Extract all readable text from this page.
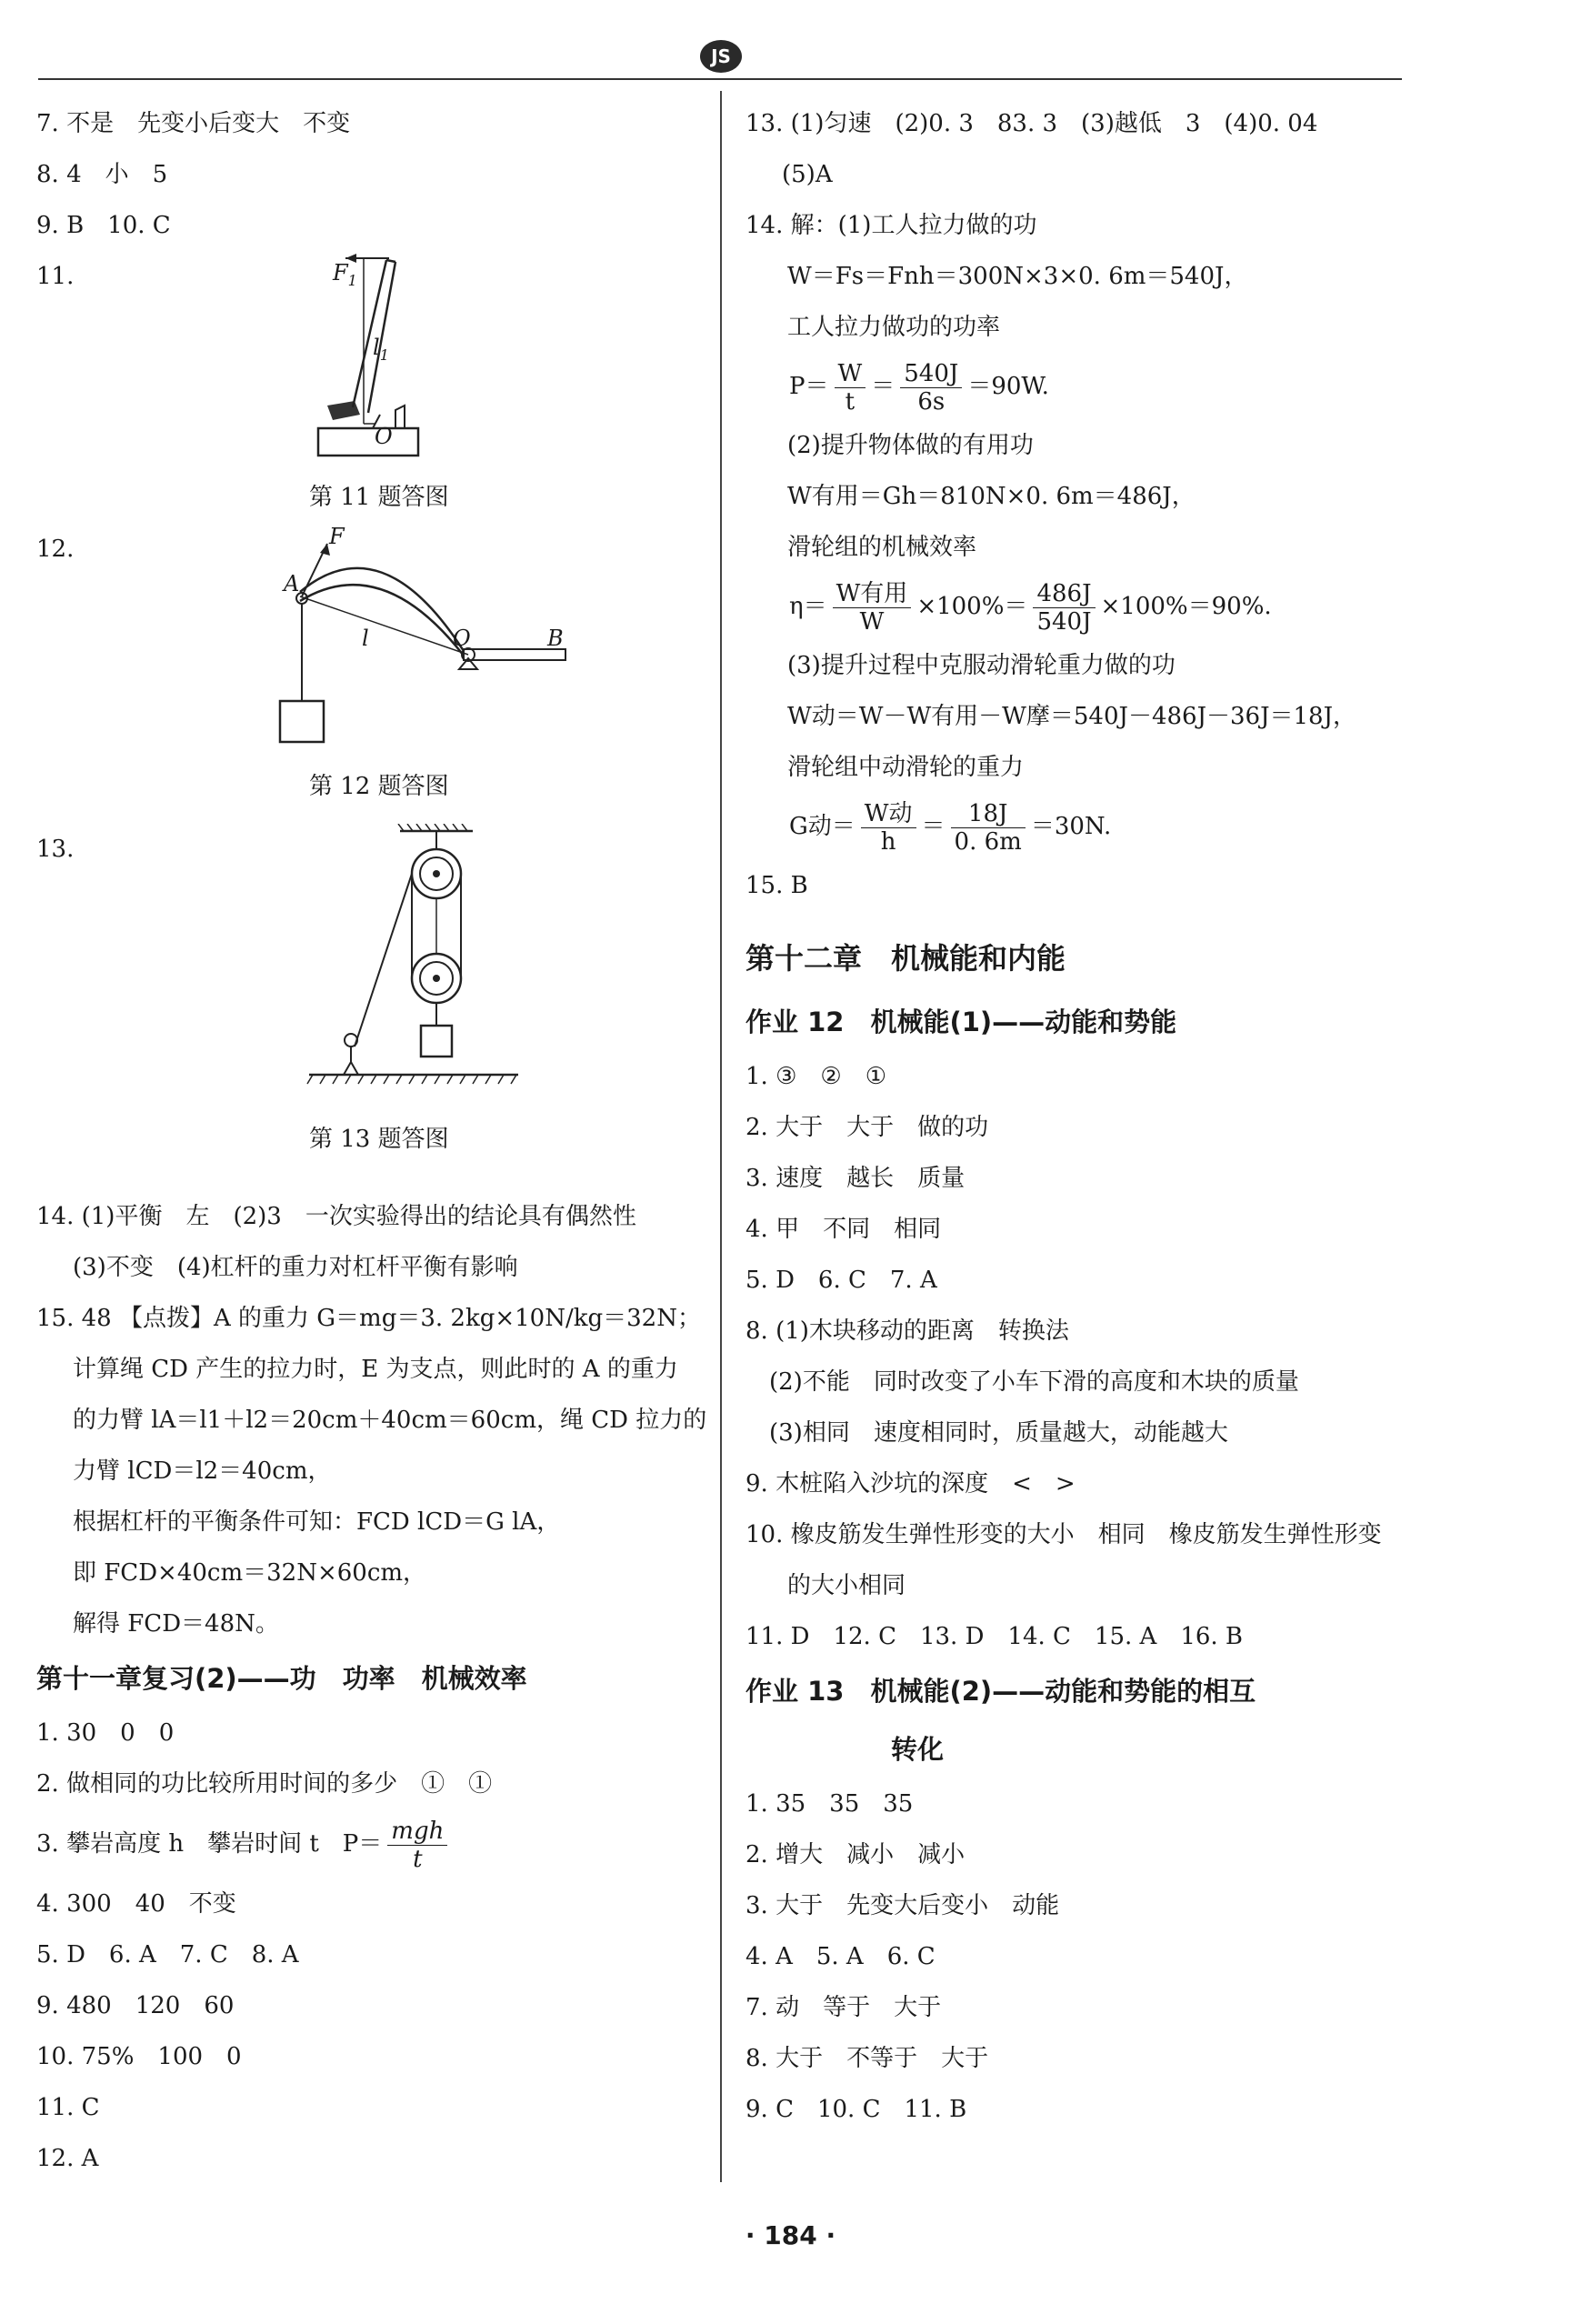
JS
7. 不是　先变小后变大　不变
8. 4　小　5
9. B　10. C
11.	$F_1$
$l_1$
O
第 11 题答图
12.	F
A
l	O	B
第 12 题答图
13.
第 13 题答图
14. (1)平衡　左　(2)3　一次实验得出的结论具有偶然性
(3)不变　(4)杠杆的重力对杠杆平衡有影响
15. 48 【点拨】A 的重力 G＝mg＝3. 2kg×10N/kg＝32N；
计算绳 CD 产生的拉力时，E 为支点，则此时的 A 的重力
的力臂 lA＝l1＋l2＝20cm＋40cm＝60cm，绳 CD 拉力的
力臂 lCD＝l2＝40cm，
根据杠杆的平衡条件可知：FCD lCD＝G lA，
即 FCD×40cm＝32N×60cm，
解得 FCD＝48N。
第十一章复习(2)——功　功率　机械效率
1. 30　0　0
2. 做相同的功比较所用时间的多少　①　①
3. 攀岩高度 h　攀岩时间 t　$P= \frac{\text{mgh}}{t}$
4. 300　40　不变
5. D　6. A　7. C　8. A
9. 480　120　60
10. 75%　100　0
11. C
12. A
13. (1)匀速　(2)0. 3　83. 3　(3)越低　3　(4)0. 04
(5)A
14. 解：(1)工人拉力做的功
W＝Fs＝Fnh＝300N×3×0. 6m＝540J，
工人拉力做功的功率
$P= \frac{W}{t} = \frac{540J}{6s} =90W$.
(2)提升物体做的有用功
W有用＝Gh＝810N×0. 6m＝486J，
滑轮组的机械效率
$\eta= \frac{\text{W有用}}{W} \times 100\%= \frac{486J}{540J} \times 100\%=90\%$.
(3)提升过程中克服动滑轮重力做的功
W动＝W－W有用－W摩＝540J－486J－36J＝18J，
滑轮组中动滑轮的重力
G动＝ $\frac{\text{W动}}{h} = \frac{18J}{0. 6m} =30N$.
15. B
第十二章　机械能和内能
作业 12　机械能(1)——动能和势能
1. ③　②　①
2. 大于　大于　做的功
3. 速度　越长　质量
4. 甲　不同　相同
5. D　6. C　7. A
8. (1)木块移动的距离　转换法
(2)不能　同时改变了小车下滑的高度和木块的质量
(3)相同　速度相同时，质量越大，动能越大
9. 木桩陷入沙坑的深度　<　>
10. 橡皮筋发生弹性形变的大小　相同　橡皮筋发生弹性形变
的大小相同
11. D　12. C　13. D　14. C　15. A　16. B
作业 13　机械能(2)——动能和势能的相互
转化
1. 35　35　35
2. 增大　减小　减小
3. 大于　先变大后变小　动能
4. A　5. A　6. C
7. 动　等于　大于
8. 大于　不等于　大于
9. C　10. C　11. B
· 184 ·
